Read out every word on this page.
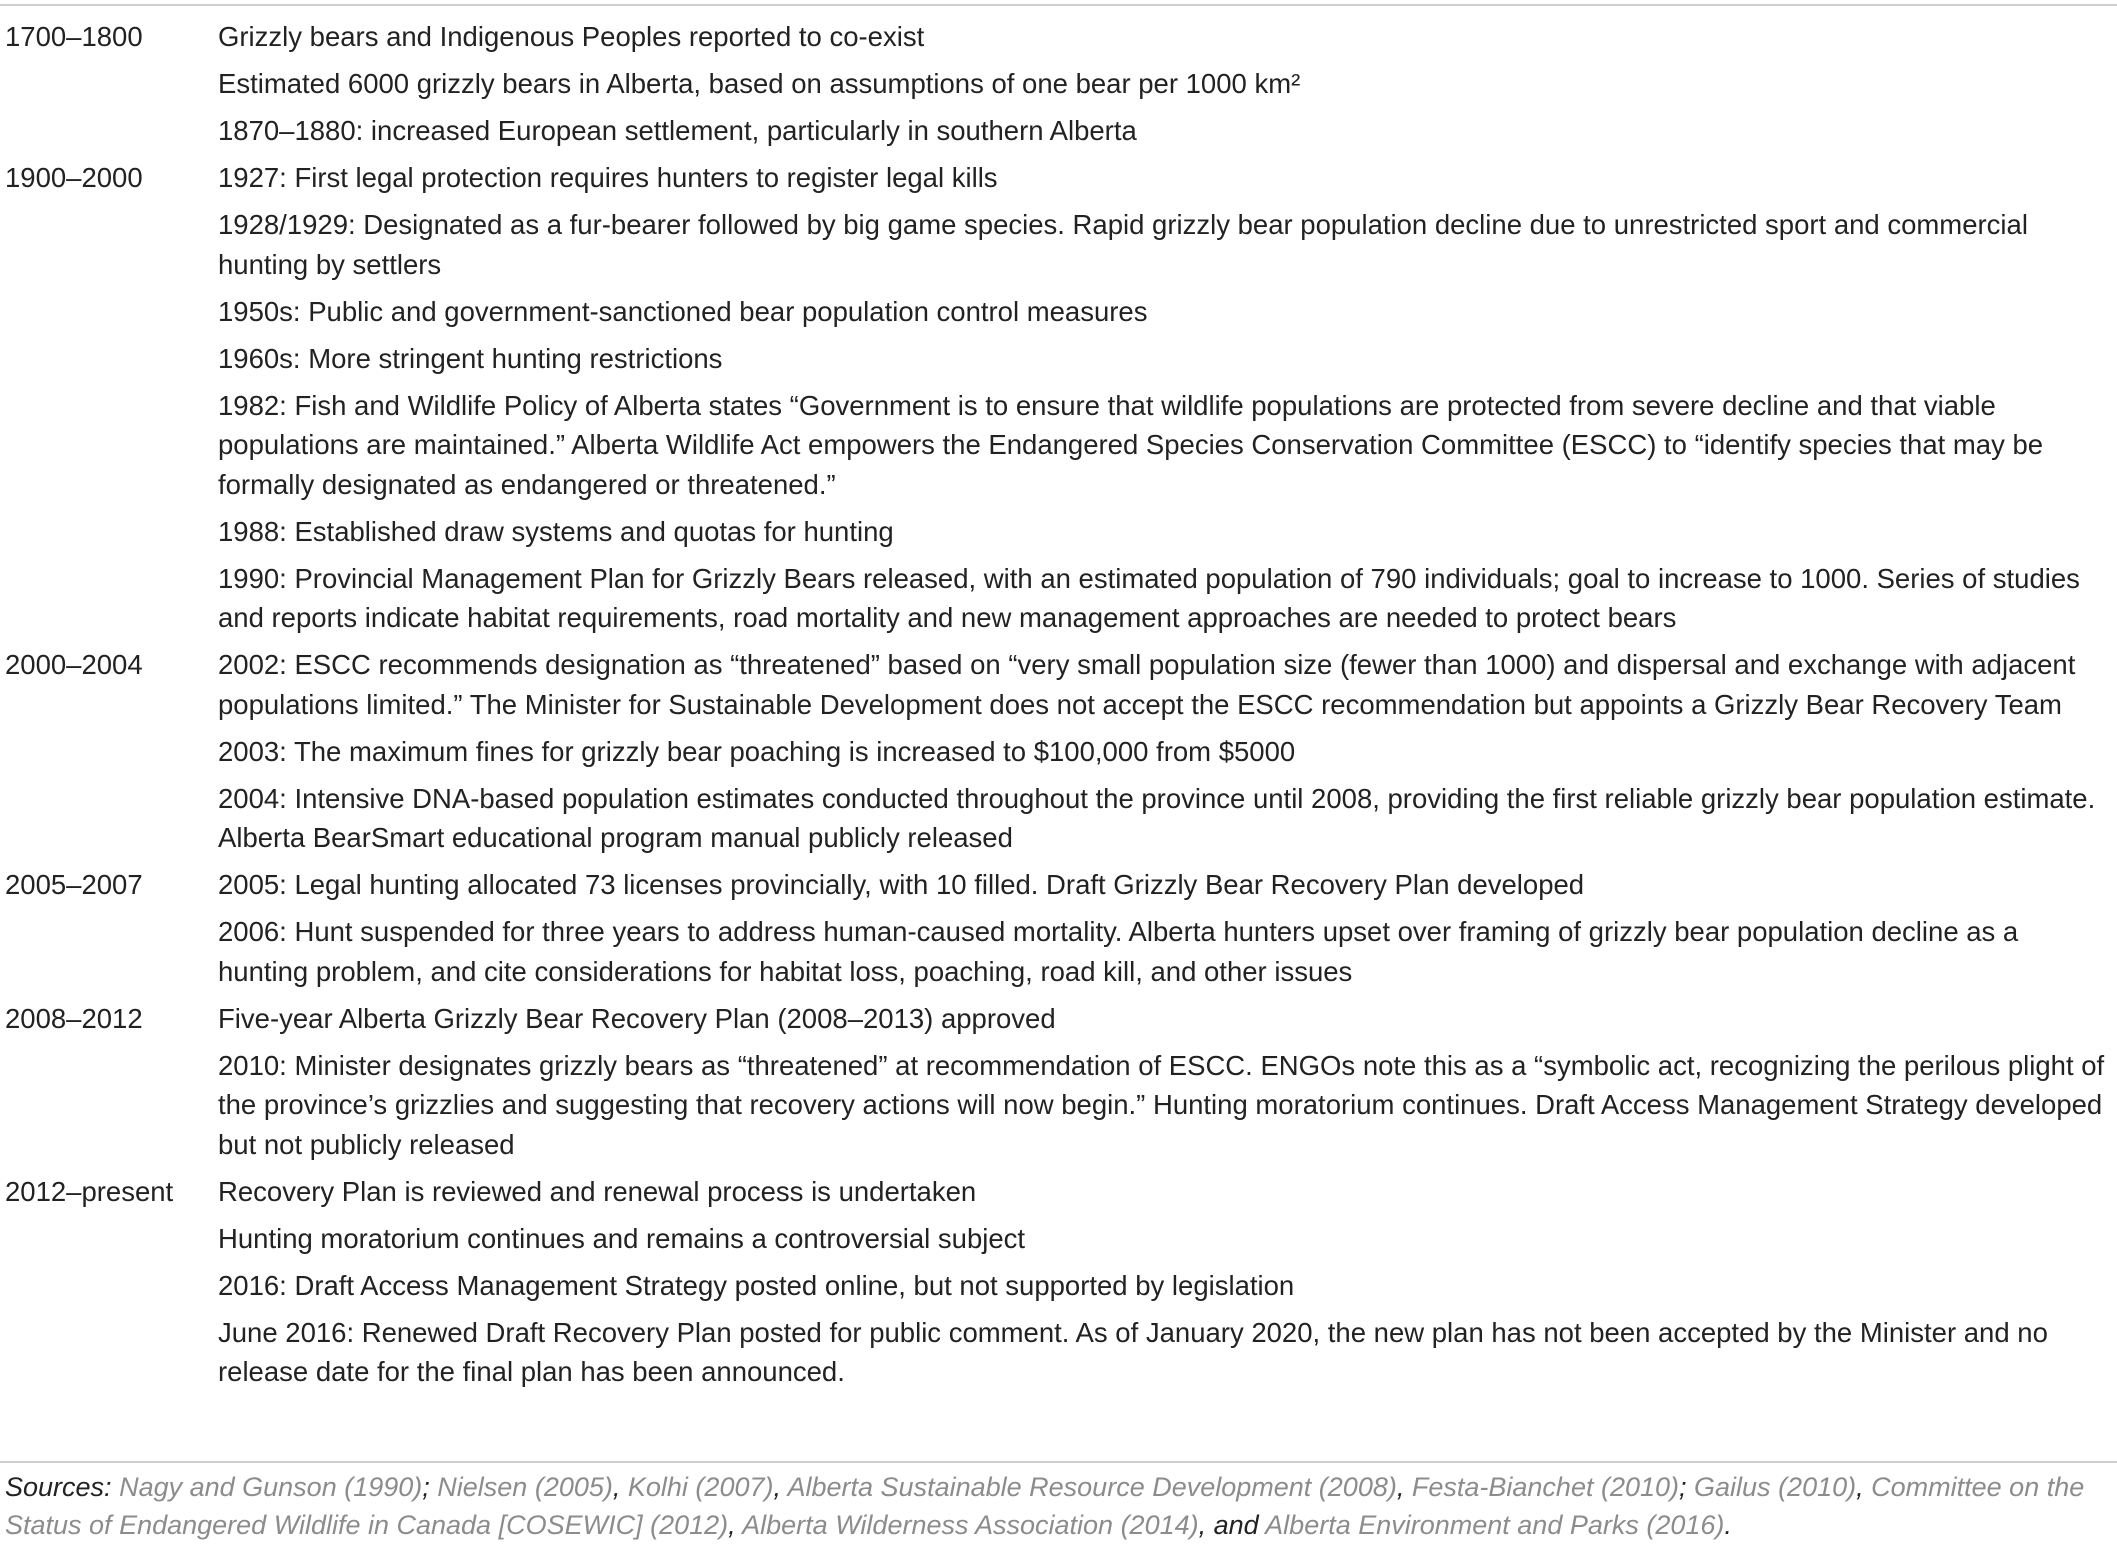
1700–1800	Grizzly bears and Indigenous Peoples reported to co-exist
Estimated 6000 grizzly bears in Alberta, based on assumptions of one bear per 1000 km²
1870–1880: increased European settlement, particularly in southern Alberta
1900–2000	1927: First legal protection requires hunters to register legal kills
1928/1929: Designated as a fur-bearer followed by big game species. Rapid grizzly bear population decline due to unrestricted sport and commercial hunting by settlers
1950s: Public and government-sanctioned bear population control measures
1960s: More stringent hunting restrictions
1982: Fish and Wildlife Policy of Alberta states “Government is to ensure that wildlife populations are protected from severe decline and that viable populations are maintained.” Alberta Wildlife Act empowers the Endangered Species Conservation Committee (ESCC) to “identify species that may be formally designated as endangered or threatened.”
1988: Established draw systems and quotas for hunting
1990: Provincial Management Plan for Grizzly Bears released, with an estimated population of 790 individuals; goal to increase to 1000. Series of studies and reports indicate habitat requirements, road mortality and new management approaches are needed to protect bears
2000–2004	2002: ESCC recommends designation as “threatened” based on “very small population size (fewer than 1000) and dispersal and exchange with adjacent populations limited.” The Minister for Sustainable Development does not accept the ESCC recommendation but appoints a Grizzly Bear Recovery Team
2003: The maximum fines for grizzly bear poaching is increased to $100,000 from $5000
2004: Intensive DNA-based population estimates conducted throughout the province until 2008, providing the first reliable grizzly bear population estimate. Alberta BearSmart educational program manual publicly released
2005–2007	2005: Legal hunting allocated 73 licenses provincially, with 10 filled. Draft Grizzly Bear Recovery Plan developed
2006: Hunt suspended for three years to address human-caused mortality. Alberta hunters upset over framing of grizzly bear population decline as a hunting problem, and cite considerations for habitat loss, poaching, road kill, and other issues
2008–2012	Five-year Alberta Grizzly Bear Recovery Plan (2008–2013) approved
2010: Minister designates grizzly bears as “threatened” at recommendation of ESCC. ENGOs note this as a “symbolic act, recognizing the perilous plight of the province’s grizzlies and suggesting that recovery actions will now begin.” Hunting moratorium continues. Draft Access Management Strategy developed but not publicly released
2012–present	Recovery Plan is reviewed and renewal process is undertaken
Hunting moratorium continues and remains a controversial subject
2016: Draft Access Management Strategy posted online, but not supported by legislation
June 2016: Renewed Draft Recovery Plan posted for public comment. As of January 2020, the new plan has not been accepted by the Minister and no release date for the final plan has been announced.
Sources: Nagy and Gunson (1990); Nielsen (2005), Kolhi (2007), Alberta Sustainable Resource Development (2008), Festa-Bianchet (2010); Gailus (2010), Committee on the Status of Endangered Wildlife in Canada [COSEWIC] (2012), Alberta Wilderness Association (2014), and Alberta Environment and Parks (2016).
